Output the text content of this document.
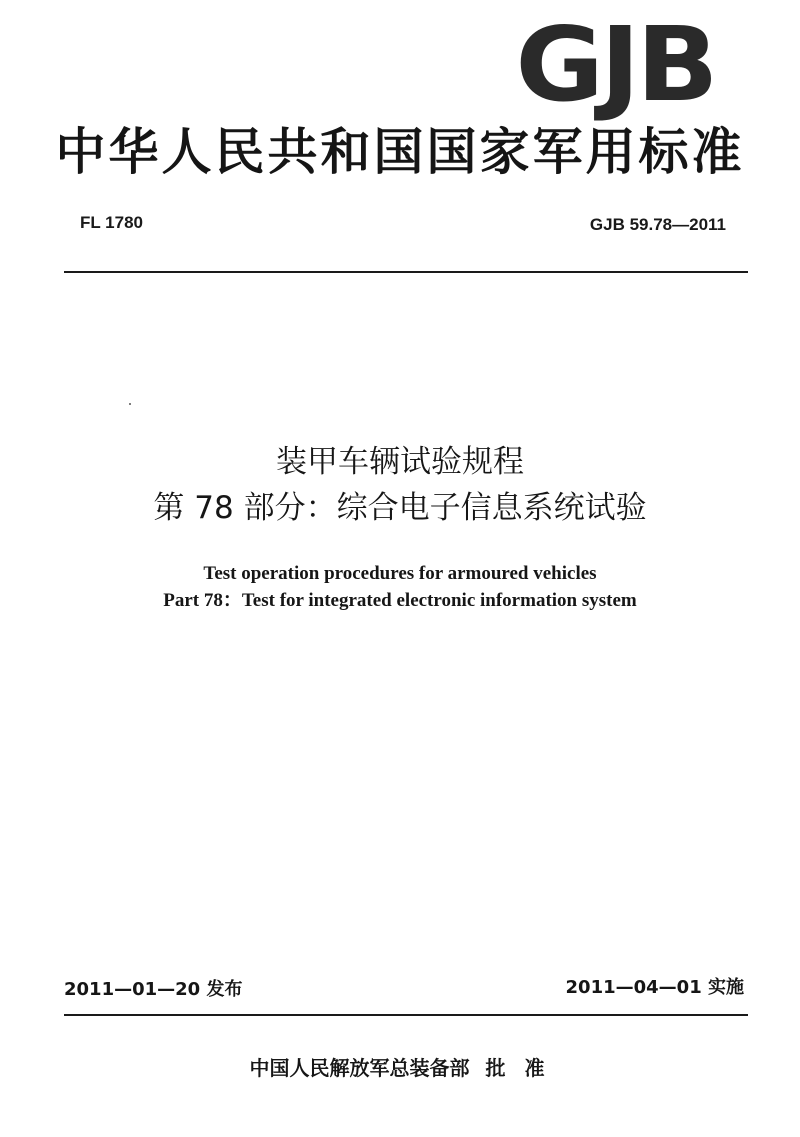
GJB
中华人民共和国国家军用标准
FL 1780	GJB 59.78—2011
装甲车辆试验规程
第 78 部分：综合电子信息系统试验
Test operation procedures for armoured vehicles
Part 78：Test for integrated electronic information system
2011—01—20 发布	2011—04—01 实施
中国人民解放军总装备部 批 准
